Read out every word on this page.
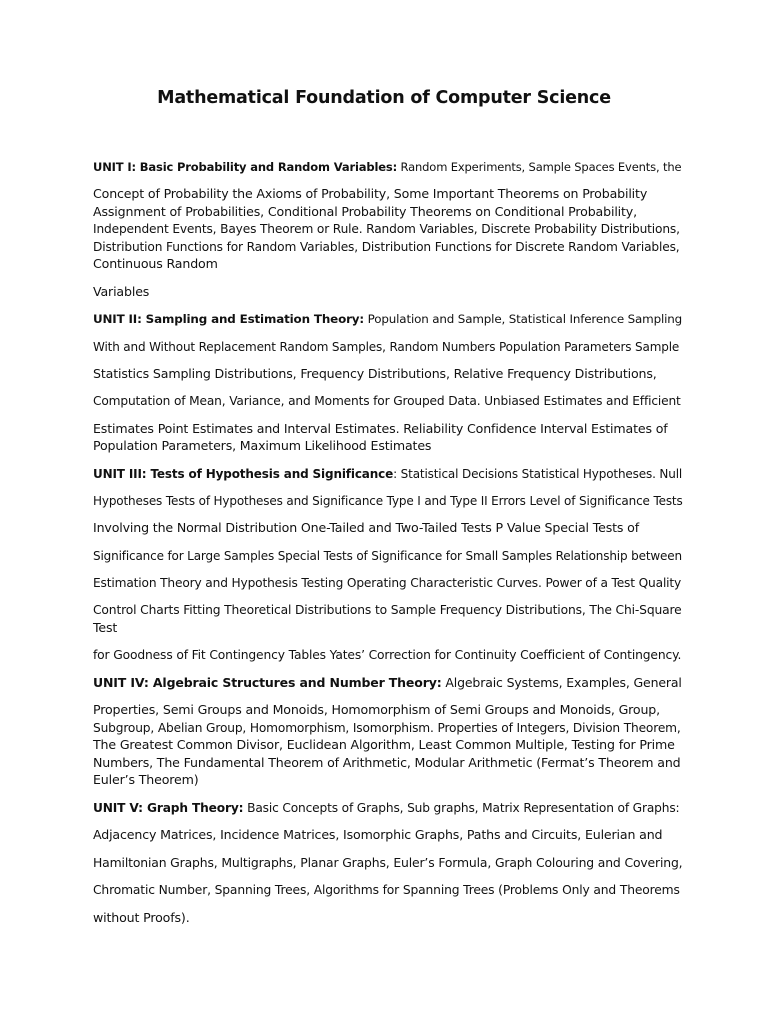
Mathematical Foundation of Computer Science
UNIT I: Basic Probability and Random Variables: Random Experiments, Sample Spaces Events, the
Concept of Probability the Axioms of Probability, Some Important Theorems on Probability
Assignment of Probabilities, Conditional Probability Theorems on Conditional Probability,
Independent Events, Bayes Theorem or Rule. Random Variables, Discrete Probability Distributions,
Distribution Functions for Random Variables, Distribution Functions for Discrete Random Variables,
Continuous Random
Variables
UNIT II: Sampling and Estimation Theory: Population and Sample, Statistical Inference Sampling
With and Without Replacement Random Samples, Random Numbers Population Parameters Sample
Statistics Sampling Distributions, Frequency Distributions, Relative Frequency Distributions,
Computation of Mean, Variance, and Moments for Grouped Data. Unbiased Estimates and Efficient
Estimates Point Estimates and Interval Estimates. Reliability Confidence Interval Estimates of
Population Parameters, Maximum Likelihood Estimates
UNIT III: Tests of Hypothesis and Significance: Statistical Decisions Statistical Hypotheses. Null
Hypotheses Tests of Hypotheses and Significance Type I and Type II Errors Level of Significance Tests
Involving the Normal Distribution One-Tailed and Two-Tailed Tests P Value Special Tests of
Significance for Large Samples Special Tests of Significance for Small Samples Relationship between
Estimation Theory and Hypothesis Testing Operating Characteristic Curves. Power of a Test Quality
Control Charts Fitting Theoretical Distributions to Sample Frequency Distributions, The Chi-Square
Test
for Goodness of Fit Contingency Tables Yates’ Correction for Continuity Coefficient of Contingency.
UNIT IV: Algebraic Structures and Number Theory: Algebraic Systems, Examples, General
Properties, Semi Groups and Monoids, Homomorphism of Semi Groups and Monoids, Group,
Subgroup, Abelian Group, Homomorphism, Isomorphism. Properties of Integers, Division Theorem,
The Greatest Common Divisor, Euclidean Algorithm, Least Common Multiple, Testing for Prime
Numbers, The Fundamental Theorem of Arithmetic, Modular Arithmetic (Fermat’s Theorem and
Euler’s Theorem)
UNIT V: Graph Theory: Basic Concepts of Graphs, Sub graphs, Matrix Representation of Graphs:
Adjacency Matrices, Incidence Matrices, Isomorphic Graphs, Paths and Circuits, Eulerian and
Hamiltonian Graphs, Multigraphs, Planar Graphs, Euler’s Formula, Graph Colouring and Covering,
Chromatic Number, Spanning Trees, Algorithms for Spanning Trees (Problems Only and Theorems
without Proofs).
